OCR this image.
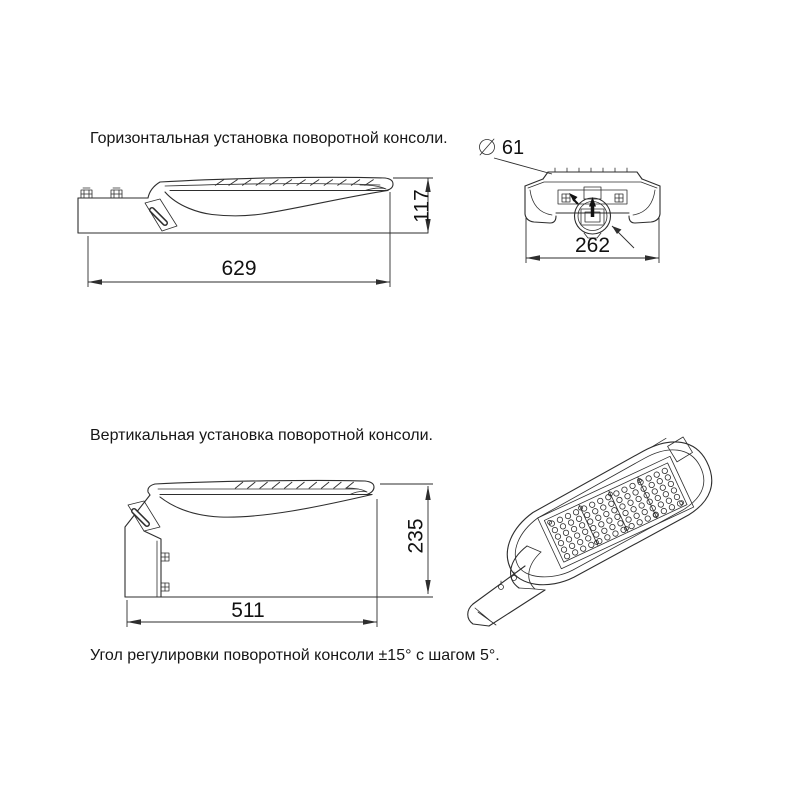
Горизонтальная установка поворотной консоли.
629
117
61
262
Вертикальная установка поворотной консоли.
235
511
Угол регулировки поворотной консоли ±15° с шагом 5°.
